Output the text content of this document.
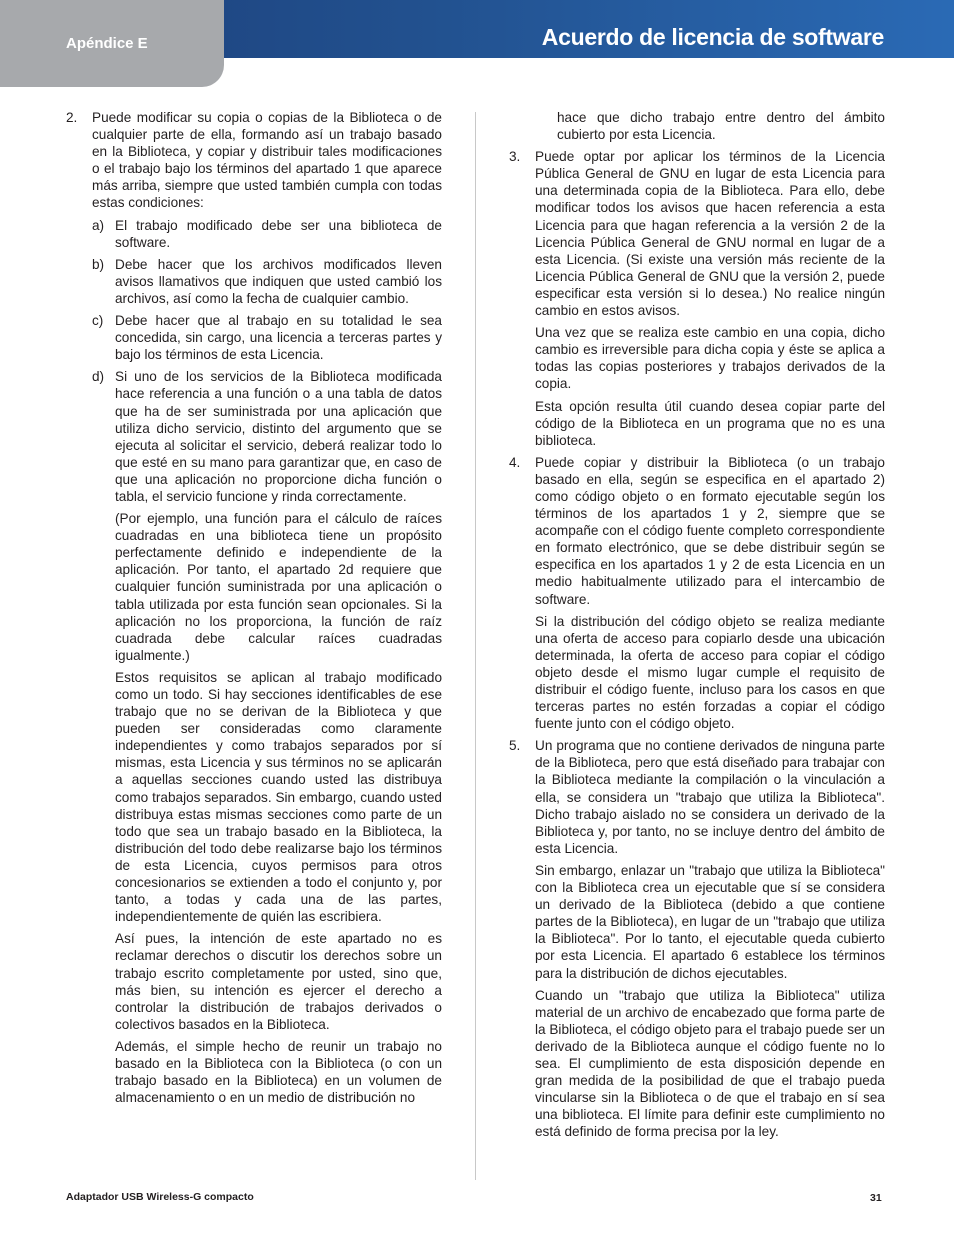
Apéndice E	Acuerdo de licencia de software
2. Puede modificar su copia o copias de la Biblioteca o de cualquier parte de ella, formando así un trabajo basado en la Biblioteca, y copiar y distribuir tales modificaciones o el trabajo bajo los términos del apartado 1 que aparece más arriba, siempre que usted también cumpla con todas estas condiciones:

a) El trabajo modificado debe ser una biblioteca de software.

b) Debe hacer que los archivos modificados lleven avisos llamativos que indiquen que usted cambió los archivos, así como la fecha de cualquier cambio.

c) Debe hacer que al trabajo en su totalidad le sea concedida, sin cargo, una licencia a terceras partes y bajo los términos de esta Licencia.

d) Si uno de los servicios de la Biblioteca modificada hace referencia a una función o a una tabla de datos que ha de ser suministrada por una aplicación que utiliza dicho servicio, distinto del argumento que se ejecuta al solicitar el servicio, deberá realizar todo lo que esté en su mano para garantizar que, en caso de que una aplicación no proporcione dicha función o tabla, el servicio funcione y rinda correctamente.

(Por ejemplo, una función para el cálculo de raíces cuadradas en una biblioteca tiene un propósito perfectamente definido e independiente de la aplicación. Por tanto, el apartado 2d requiere que cualquier función suministrada por una aplicación o tabla utilizada por esta función sean opcionales. Si la aplicación no los proporciona, la función de raíz cuadrada debe calcular raíces cuadradas igualmente.)

Estos requisitos se aplican al trabajo modificado como un todo. Si hay secciones identificables de ese trabajo que no se derivan de la Biblioteca y que pueden ser consideradas como claramente independientes y como trabajos separados por sí mismas, esta Licencia y sus términos no se aplicarán a aquellas secciones cuando usted las distribuya como trabajos separados. Sin embargo, cuando usted distribuya estas mismas secciones como parte de un todo que sea un trabajo basado en la Biblioteca, la distribución del todo debe realizarse bajo los términos de esta Licencia, cuyos permisos para otros concesionarios se extienden a todo el conjunto y, por tanto, a todas y cada una de las partes, independientemente de quién las escribiera.

Así pues, la intención de este apartado no es reclamar derechos o discutir los derechos sobre un trabajo escrito completamente por usted, sino que, más bien, su intención es ejercer el derecho a controlar la distribución de trabajos derivados o colectivos basados en la Biblioteca.

Además, el simple hecho de reunir un trabajo no basado en la Biblioteca con la Biblioteca (o con un trabajo basado en la Biblioteca) en un volumen de almacenamiento o en un medio de distribución no

hace que dicho trabajo entre dentro del ámbito cubierto por esta Licencia.

3. Puede optar por aplicar los términos de la Licencia Pública General de GNU en lugar de esta Licencia para una determinada copia de la Biblioteca. Para ello, debe modificar todos los avisos que hacen referencia a esta Licencia para que hagan referencia a la versión 2 de la Licencia Pública General de GNU normal en lugar de a esta Licencia. (Si existe una versión más reciente de la Licencia Pública General de GNU que la versión 2, puede especificar esta versión si lo desea.) No realice ningún cambio en estos avisos.

Una vez que se realiza este cambio en una copia, dicho cambio es irreversible para dicha copia y éste se aplica a todas las copias posteriores y trabajos derivados de la copia.

Esta opción resulta útil cuando desea copiar parte del código de la Biblioteca en un programa que no es una biblioteca.

4. Puede copiar y distribuir la Biblioteca (o un trabajo basado en ella, según se especifica en el apartado 2) como código objeto o en formato ejecutable según los términos de los apartados 1 y 2, siempre que se acompañe con el código fuente completo correspondiente en formato electrónico, que se debe distribuir según se especifica en los apartados 1 y 2 de esta Licencia en un medio habitualmente utilizado para el intercambio de software.

Si la distribución del código objeto se realiza mediante una oferta de acceso para copiarlo desde una ubicación determinada, la oferta de acceso para copiar el código objeto desde el mismo lugar cumple el requisito de distribuir el código fuente, incluso para los casos en que terceras partes no estén forzadas a copiar el código fuente junto con el código objeto.

5. Un programa que no contiene derivados de ninguna parte de la Biblioteca, pero que está diseñado para trabajar con la Biblioteca mediante la compilación o la vinculación a ella, se considera un "trabajo que utiliza la Biblioteca". Dicho trabajo aislado no se considera un derivado de la Biblioteca y, por tanto, no se incluye dentro del ámbito de esta Licencia.

Sin embargo, enlazar un "trabajo que utiliza la Biblioteca" con la Biblioteca crea un ejecutable que sí se considera un derivado de la Biblioteca (debido a que contiene partes de la Biblioteca), en lugar de un "trabajo que utiliza la Biblioteca". Por lo tanto, el ejecutable queda cubierto por esta Licencia. El apartado 6 establece los términos para la distribución de dichos ejecutables.

Cuando un "trabajo que utiliza la Biblioteca" utiliza material de un archivo de encabezado que forma parte de la Biblioteca, el código objeto para el trabajo puede ser un derivado de la Biblioteca aunque el código fuente no lo sea. El cumplimiento de esta disposición depende en gran medida de la posibilidad de que el trabajo pueda vincularse sin la Biblioteca o de que el trabajo en sí sea una biblioteca. El límite para definir este cumplimiento no está definido de forma precisa por la ley.

Adaptador USB Wireless-G compacto	31
